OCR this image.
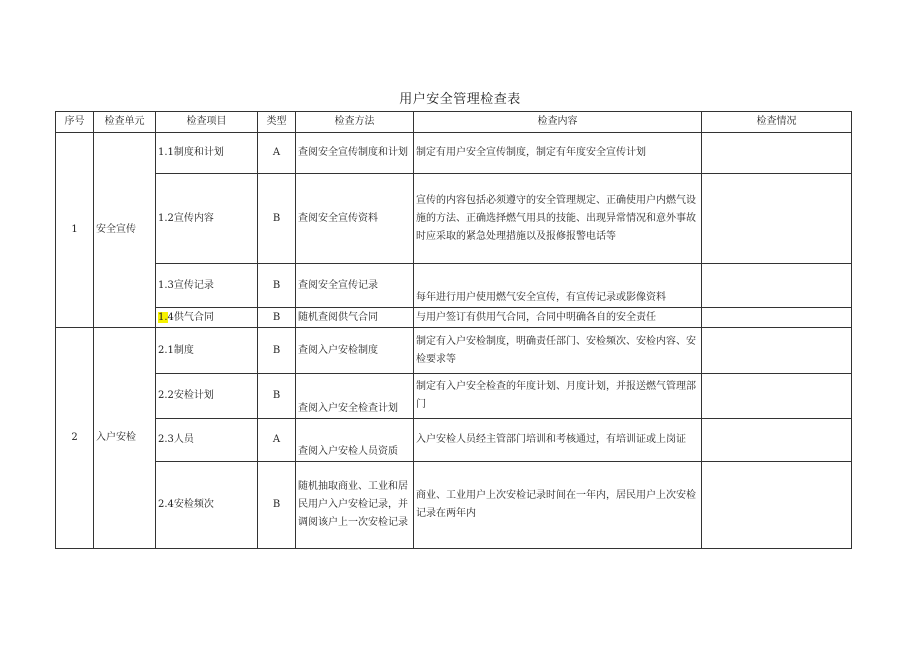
用户安全管理检查表
序号	检查单元	检查项目	类型	检查方法	检查内容	检查情况
1	安全宣传	1.1制度和计划	A	查阅安全宣传制度和计划	制定有用户安全宣传制度，制定有年度安全宣传计划	
		1.2宣传内容	B	查阅安全宣传资料	宣传的内容包括必须遵守的安全管理规定、正确使用户内燃气设施的方法、正确选择燃气用具的技能、出现异常情况和意外事故时应采取的紧急处理措施以及报修报警电话等	
		1.3宣传记录	B	查阅安全宣传记录	每年进行用户使用燃气安全宣传，有宣传记录或影像资料	
		1.4供气合同	B	随机查阅供气合同	与用户签订有供用气合同，合同中明确各自的安全责任	
2	入户安检	2.1制度	B	查阅入户安检制度	制定有入户安检制度，明确责任部门、安检频次、安检内容、安检要求等	
		2.2安检计划	B	查阅入户安全检查计划	制定有入户安全检查的年度计划、月度计划，并报送燃气管理部门	
		2.3人员	A	查阅入户安检人员资质	入户安检人员经主管部门培训和考核通过，有培训证或上岗证	
		2.4安检频次	B	随机抽取商业、工业和居民用户入户安检记录，并调阅该户上一次安检记录	商业、工业用户上次安检记录时间在一年内，居民用户上次安检记录在两年内	
